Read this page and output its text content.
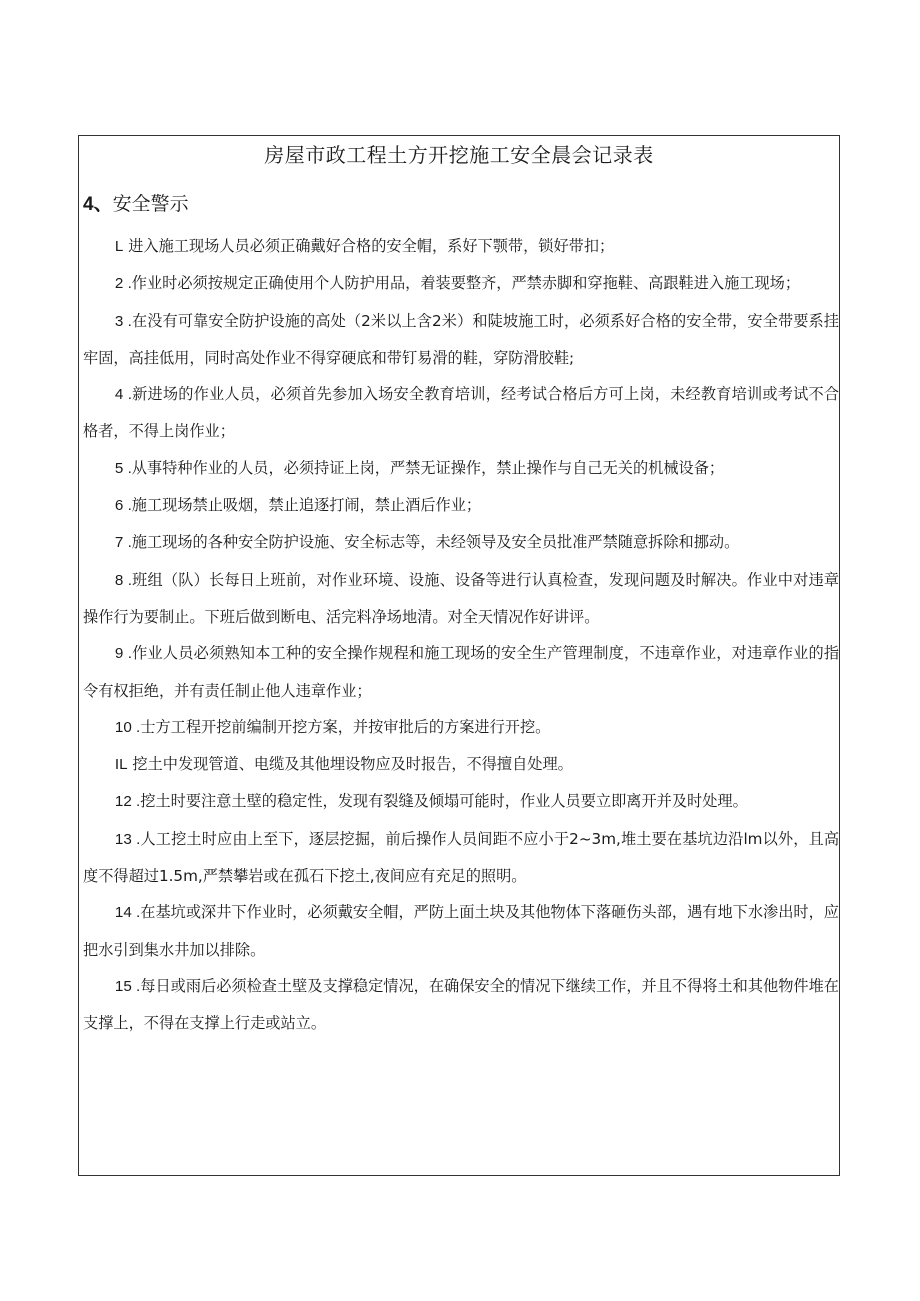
房屋市政工程土方开挖施工安全晨会记录表
4、安全警示

L 进入施工现场人员必须正确戴好合格的安全帽，系好下颚带，锁好带扣；

2 .作业时必须按规定正确使用个人防护用品，着装要整齐，严禁赤脚和穿拖鞋、高跟鞋进入施工现场；

3 .在没有可靠安全防护设施的高处（2米以上含2米）和陡坡施工时，必须系好合格的安全带，安全带要系挂牢固，高挂低用，同时高处作业不得穿硬底和带钉易滑的鞋，穿防滑胶鞋;

4 .新进场的作业人员，必须首先参加入场安全教育培训，经考试合格后方可上岗，未经教育培训或考试不合格者，不得上岗作业；

5 .从事特种作业的人员，必须持证上岗，严禁无证操作，禁止操作与自己无关的机械设备；

6 .施工现场禁止吸烟，禁止追逐打闹，禁止酒后作业；

7 .施工现场的各种安全防护设施、安全标志等，未经领导及安全员批准严禁随意拆除和挪动。

8 .班组（队）长每日上班前，对作业环境、设施、设备等进行认真检查，发现问题及时解决。作业中对违章操作行为要制止。下班后做到断电、活完料净场地清。对全天情况作好讲评。

9 .作业人员必须熟知本工种的安全操作规程和施工现场的安全生产管理制度，不违章作业，对违章作业的指令有权拒绝，并有责任制止他人违章作业；

10 .士方工程开挖前编制开挖方案，并按审批后的方案进行开挖。

IL 挖土中发现管道、电缆及其他埋设物应及时报告，不得擅自处理。

12 .挖土时要注意土壁的稳定性，发现有裂缝及倾塌可能时，作业人员要立即离开并及时处理。

13 .人工挖土时应由上至下，逐层挖掘，前后操作人员间距不应小于2~3m,堆土要在基坑边沿lm以外，且高度不得超过1.5m,严禁攀岩或在孤石下挖土,夜间应有充足的照明。

14 .在基坑或深井下作业时，必须戴安全帽，严防上面土块及其他物体下落砸伤头部，遇有地下水渗出时，应把水引到集水井加以排除。

15 .每日或雨后必须检查土壁及支撑稳定情况，在确保安全的情况下继续工作，并且不得将土和其他物件堆在支撑上，不得在支撑上行走或站立。
